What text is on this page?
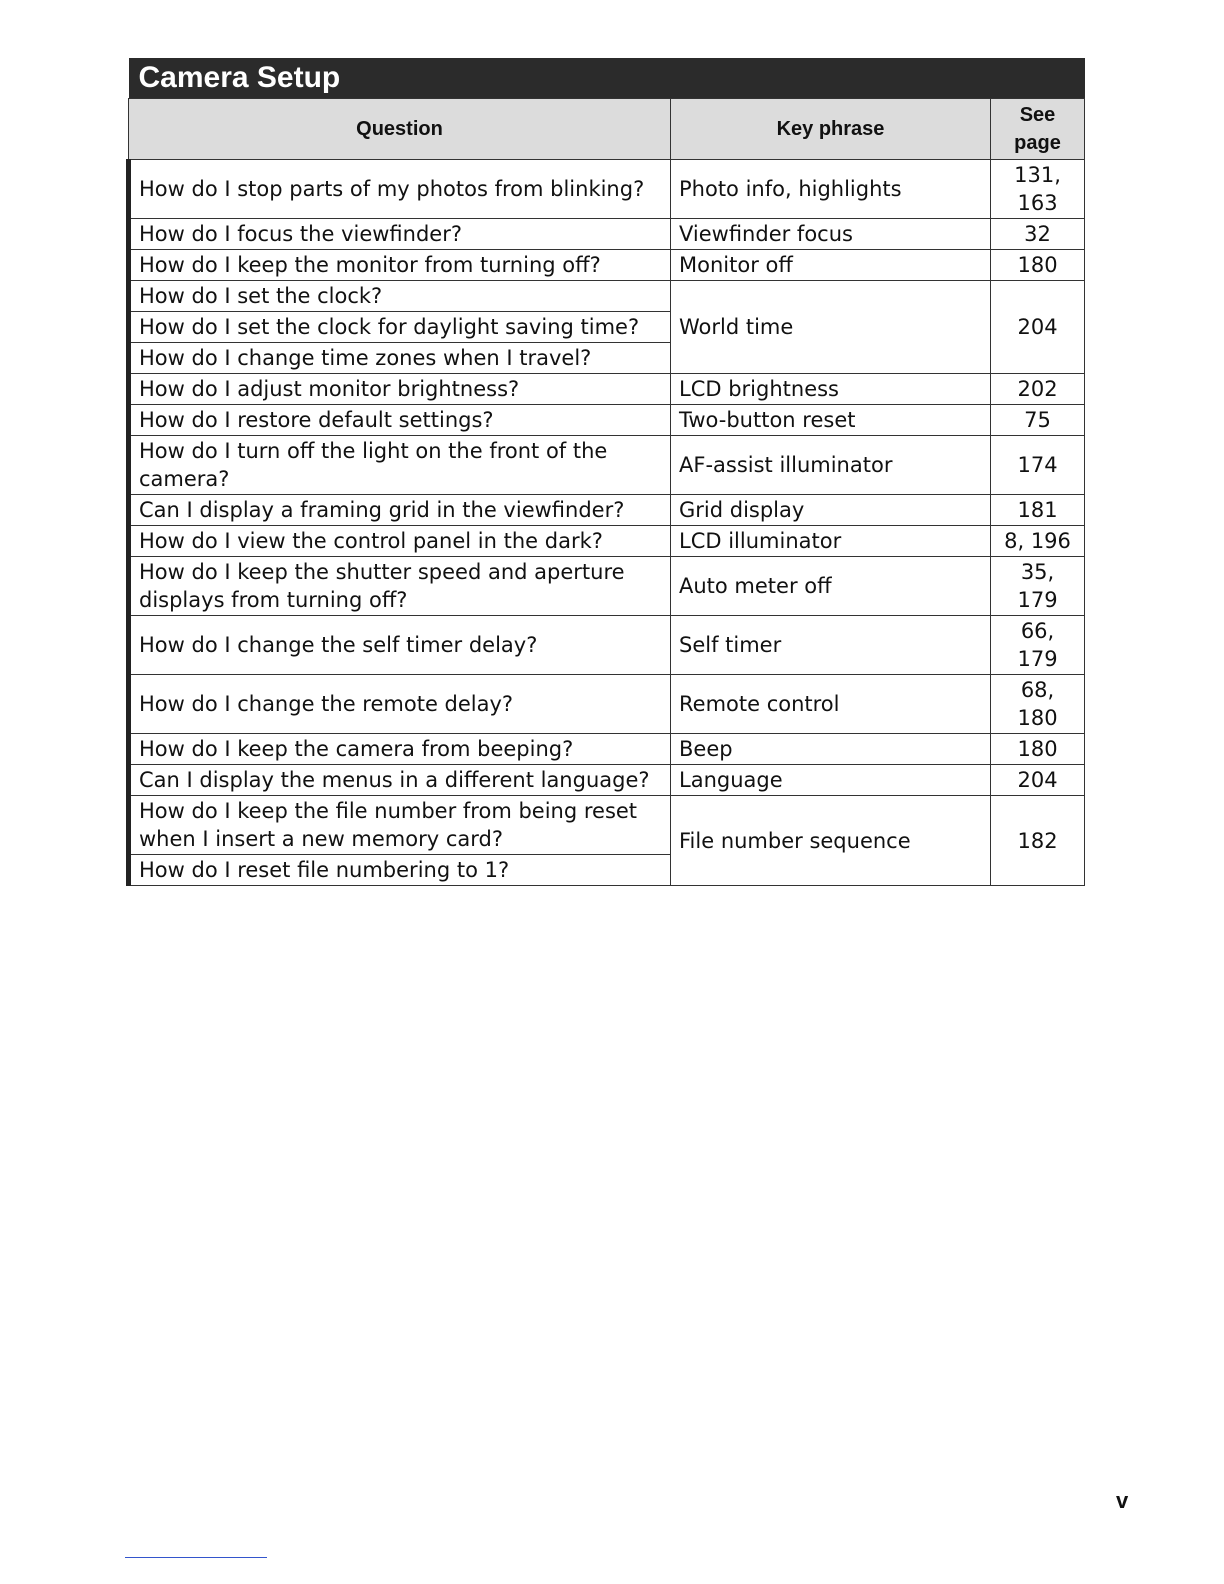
Camera Setup		
Question	Key phrase	See page
How do I stop parts of my photos from blinking?	Photo info, highlights	131, 163
How do I focus the viewfinder?	Viewfinder focus	32
How do I keep the monitor from turning off?	Monitor off	180
How do I set the clock?	World time	204
How do I set the clock for daylight saving time?		
How do I change time zones when I travel?		
How do I adjust monitor brightness?	LCD brightness	202
How do I restore default settings?	Two-button reset	75
How do I turn off the light on the front of the camera?	AF-assist illuminator	174
Can I display a framing grid in the viewfinder?	Grid display	181
How do I view the control panel in the dark?	LCD illuminator	8, 196
How do I keep the shutter speed and aperture displays from turning off?	Auto meter off	35, 179
How do I change the self timer delay?	Self timer	66, 179
How do I change the remote delay?	Remote control	68, 180
How do I keep the camera from beeping?	Beep	180
Can I display the menus in a different language?	Language	204
How do I keep the file number from being reset when I insert a new memory card?	File number sequence	182
How do I reset file numbering to 1?		
v
